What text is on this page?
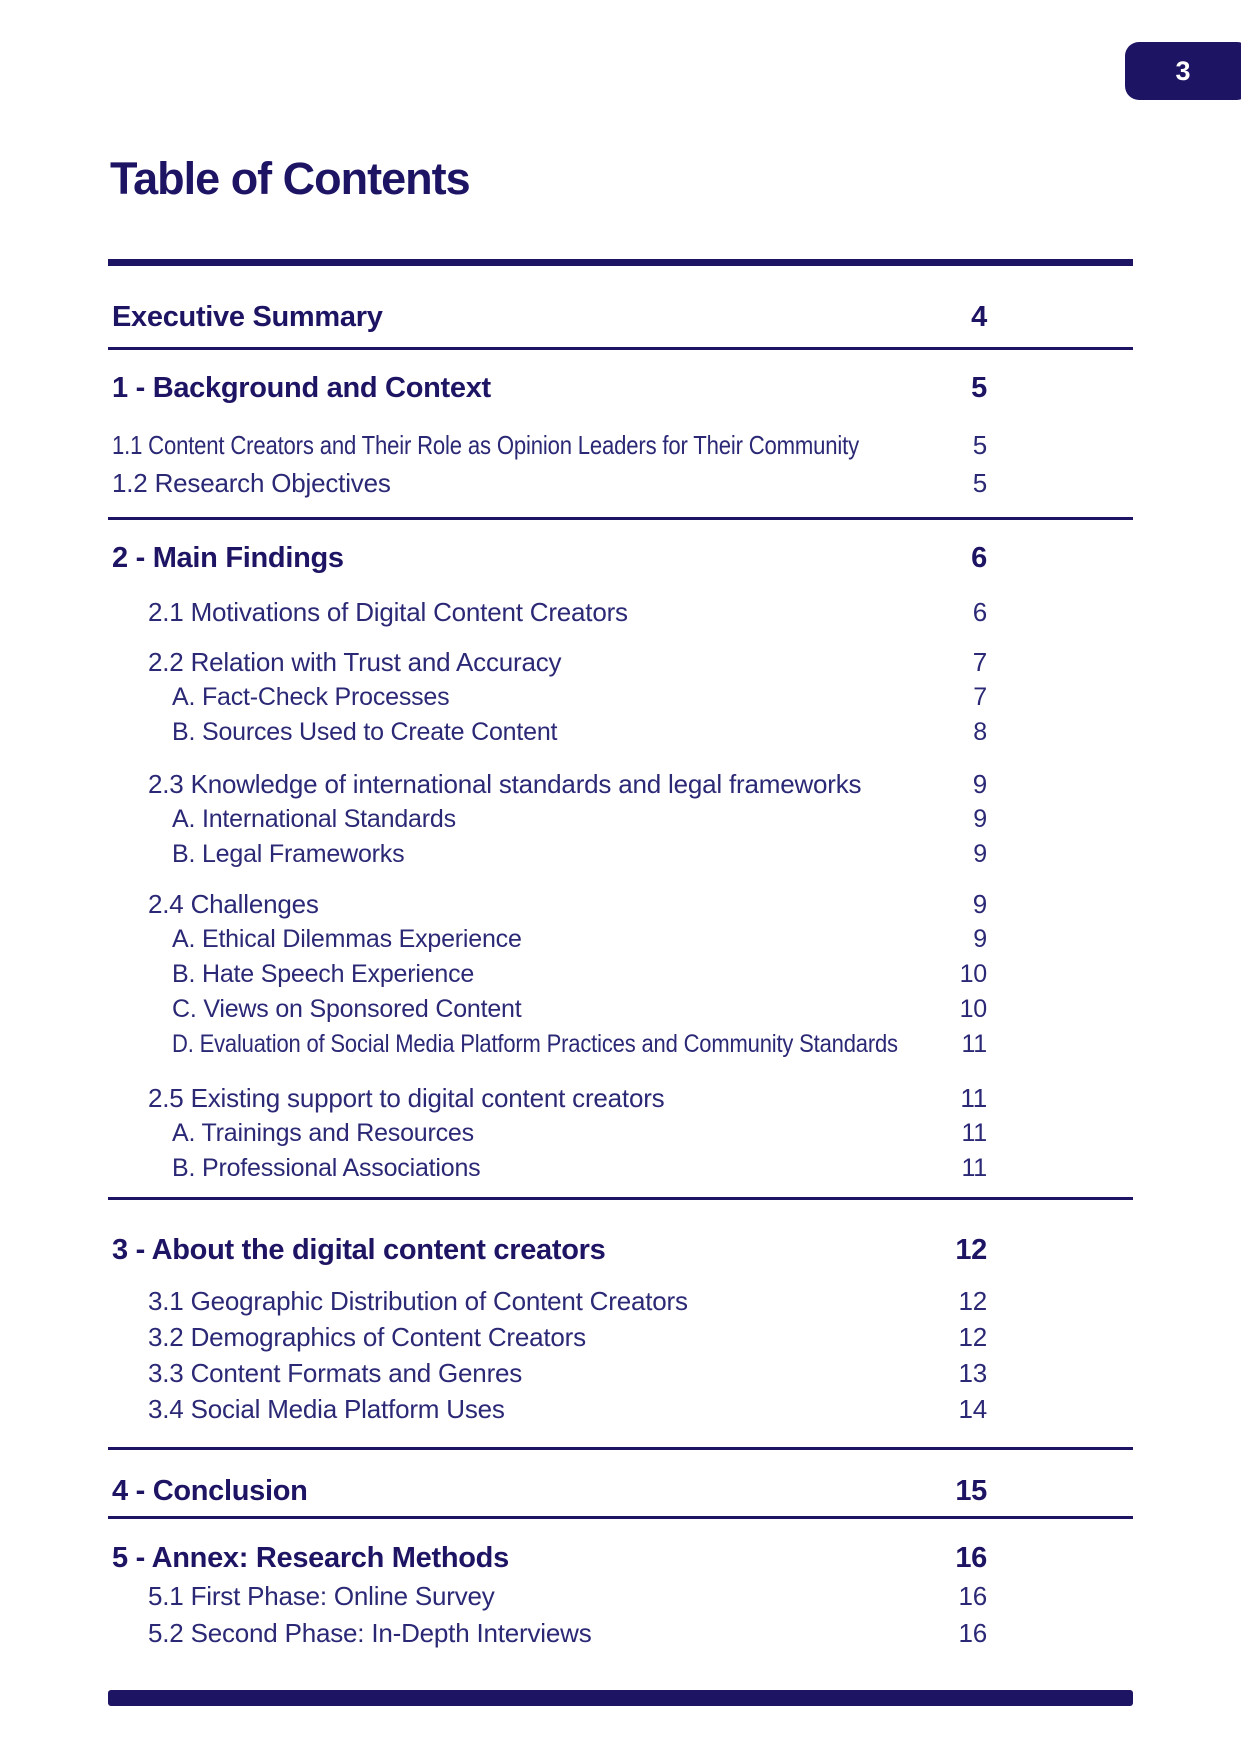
3
Table of Contents
Executive Summary	4
1 - Background and Context	5
1.1 Content Creators and Their Role as Opinion Leaders for Their Community	5
1.2 Research Objectives	5
2 - Main Findings	6
2.1 Motivations of Digital Content Creators	6
2.2 Relation with Trust and Accuracy	7
A. Fact-Check Processes	7
B. Sources Used to Create Content	8
2.3 Knowledge of international standards and legal frameworks	9
A. International Standards	9
B. Legal Frameworks	9
2.4 Challenges	9
A. Ethical Dilemmas Experience	9
B. Hate Speech Experience	10
C. Views on Sponsored Content	10
D. Evaluation of Social Media Platform Practices and Community Standards	11
2.5 Existing support to digital content creators	11
A. Trainings and Resources	11
B. Professional Associations	11
3 - About the digital content creators	12
3.1 Geographic Distribution of Content Creators	12
3.2 Demographics of Content Creators	12
3.3 Content Formats and Genres	13
3.4 Social Media Platform Uses	14
4 - Conclusion	15
5 - Annex: Research Methods	16
5.1 First Phase: Online Survey	16
5.2 Second Phase: In-Depth Interviews	16
